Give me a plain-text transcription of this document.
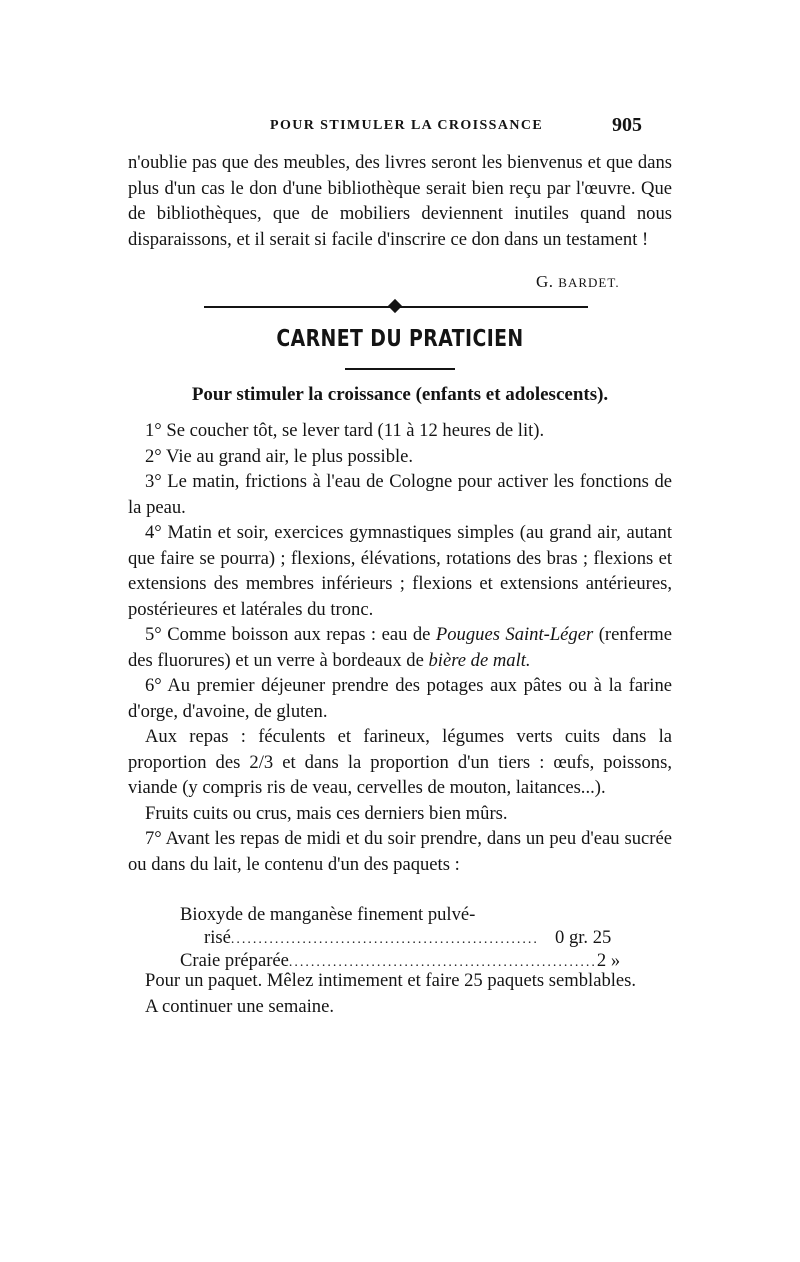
POUR STIMULER LA CROISSANCE	905

n'oublie pas que des meubles, des livres seront les bienvenus et que dans plus d'un cas le don d'une bibliothèque serait bien reçu par l'œuvre. Que de bibliothèques, que de mobiliers deviennent inutiles quand nous disparaissons, et il serait si facile d'inscrire ce don dans un testament !

G. BARDET.
CARNET DU PRATICIEN
Pour stimuler la croissance (enfants et adolescents).

1° Se coucher tôt, se lever tard (11 à 12 heures de lit).

2° Vie au grand air, le plus possible.

3° Le matin, frictions à l'eau de Cologne pour activer les fonctions de la peau.

4° Matin et soir, exercices gymnastiques simples (au grand air, autant que faire se pourra) ; flexions, élévations, rotations des bras ; flexions et extensions des membres inférieurs ; flexions et extensions antérieures, postérieures et latérales du tronc.

5° Comme boisson aux repas : eau de Pougues Saint-Léger (renferme des fluorures) et un verre à bordeaux de bière de malt.

6° Au premier déjeuner prendre des potages aux pâtes ou à la farine d'orge, d'avoine, de gluten.

Aux repas : féculents et farineux, légumes verts cuits dans la proportion des 2/3 et dans la proportion d'un tiers : œufs, poissons, viande (y compris ris de veau, cervelles de mouton, laitances...).

Fruits cuits ou crus, mais ces derniers bien mûrs.

7° Avant les repas de midi et du soir prendre, dans un peu d'eau sucrée ou dans du lait, le contenu d'un des paquets :

Bioxyde de manganèse finement pulvé-
risé ........................................................ 0 gr. 25
Craie préparée ........................................................ 2 »

Pour un paquet. Mêlez intimement et faire 25 paquets semblables.

A continuer une semaine.
